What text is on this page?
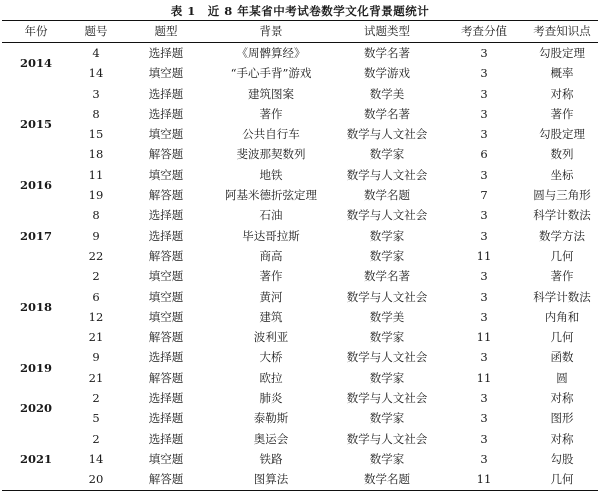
表 1　近 8 年某省中考试卷数学文化背景题统计
年份	题号	题型	背景	试题类型	考查分值	考查知识点
2014	4	选择题	《周髀算经》	数学名著	3	勾股定理
	14	填空题	“手心手背”游戏	数学游戏	3	概率
2015	3	选择题	建筑图案	数学美	3	对称
	8	选择题	著作	数学名著	3	著作
	15	填空题	公共自行车	数学与人文社会	3	勾股定理
	18	解答题	斐波那契数列	数学家	6	数列
2016	11	填空题	地铁	数学与人文社会	3	坐标
	19	解答题	阿基米德折弦定理	数学名题	7	圆与三角形
2017	8	选择题	石油	数学与人文社会	3	科学计数法
	9	选择题	毕达哥拉斯	数学家	3	数学方法
	22	解答题	商高	数学家	11	几何
2018	2	填空题	著作	数学名著	3	著作
	6	填空题	黄河	数学与人文社会	3	科学计数法
	12	填空题	建筑	数学美	3	内角和
	21	解答题	波利亚	数学家	11	几何
2019	9	选择题	大桥	数学与人文社会	3	函数
	21	解答题	欧拉	数学家	11	圆
2020	2	选择题	肺炎	数学与人文社会	3	对称
	5	选择题	泰勒斯	数学家	3	图形
2021	2	选择题	奥运会	数学与人文社会	3	对称
	14	填空题	铁路	数学家	3	勾股
	20	解答题	图算法	数学名题	11	几何
